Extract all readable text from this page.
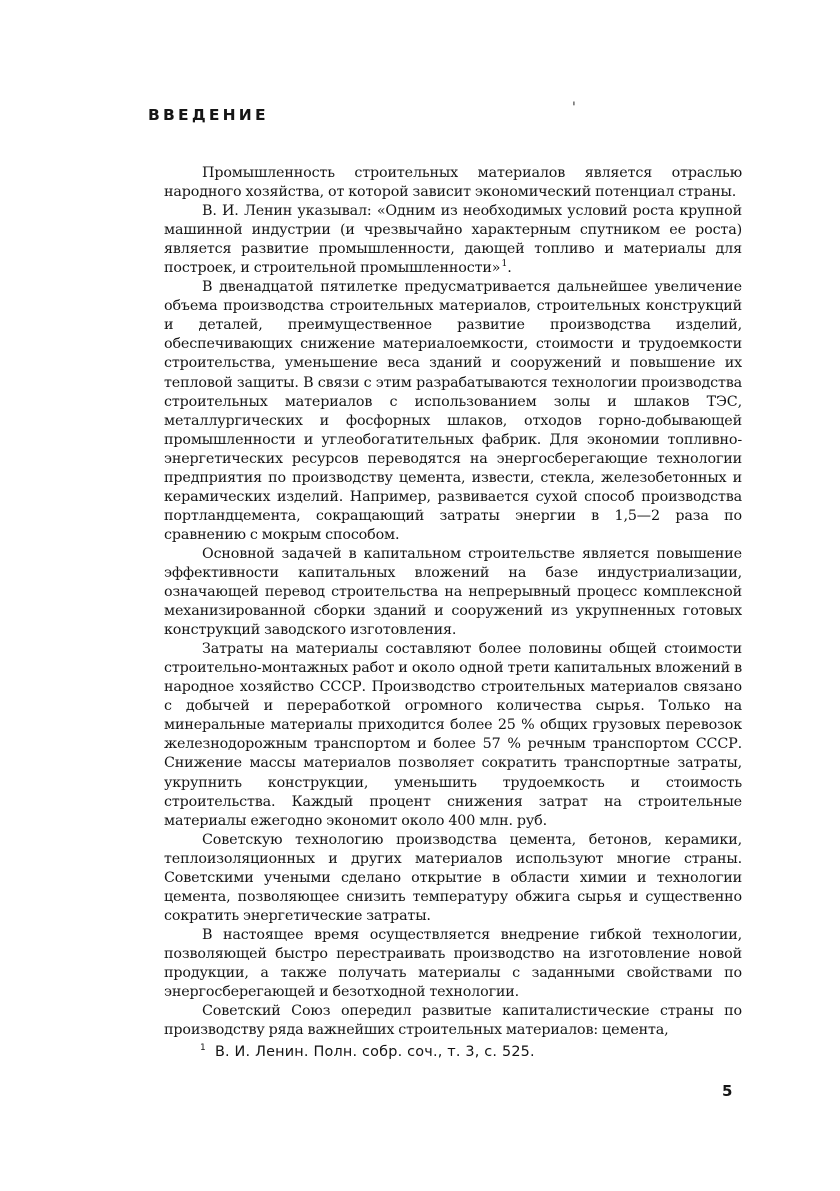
ВВЕДЕНИЕ	'

Промышленность строительных материалов является отраслью народного хозяйства, от которой зависит экономический потенциал страны.

В. И. Ленин указывал: «Одним из необходимых условий роста крупной машинной индустрии (и чрезвычайно характерным спутником ее роста) является развитие промышленности, дающей топливо и материалы для построек, и строительной промышленности»$^1$.

В двенадцатой пятилетке предусматривается дальнейшее увеличение объема производства строительных материалов, строительных конструкций и деталей, преимущественное развитие производства изделий, обеспечивающих снижение материалоемкости, стоимости и трудоемкости строительства, уменьшение веса зданий и сооружений и повышение их тепловой защиты. В связи с этим разрабатываются технологии производства строительных материалов с использованием золы и шлаков ТЭС, металлургических и фосфорных шлаков, отходов горно-добывающей промышленности и углеобогатительных фабрик. Для экономии топливно-энергетических ресурсов переводятся на энергосберегающие технологии предприятия по производству цемента, извести, стекла, железобетонных и керамических изделий. Например, развивается сухой способ производства портландцемента, сокращающий затраты энергии в 1,5—2 раза по сравнению с мокрым способом.

Основной задачей в капитальном строительстве является повышение эффективности капитальных вложений на базе индустриализации, означающей перевод строительства на непрерывный процесс комплексной механизированной сборки зданий и сооружений из укрупненных готовых конструкций заводского изготовления.

Затраты на материалы составляют более половины общей стоимости строительно-монтажных работ и около одной трети капитальных вложений в народное хозяйство СССР. Производство строительных материалов связано с добычей и переработкой огромного количества сырья. Только на минеральные материалы приходится более 25 % общих грузовых перевозок железнодорожным транспортом и более 57 % речным транспортом СССР. Снижение массы материалов позволяет сократить транспортные затраты, укрупнить конструкции, уменьшить трудоемкость и стоимость строительства. Каждый процент снижения затрат на строительные материалы ежегодно экономит около 400 млн. руб.

Советскую технологию производства цемента, бетонов, керамики, теплоизоляционных и других материалов используют многие страны. Советскими учеными сделано открытие в области химии и технологии цемента, позволяющее снизить температуру обжига сырья и существенно сократить энергетические затраты.

В настоящее время осуществляется внедрение гибкой технологии, позволяющей быстро перестраивать производство на изготовление новой продукции, а также получать материалы с заданными свойствами по энергосберегающей и безотходной технологии.

Советский Союз опередил развитые капиталистические страны по производству ряда важнейших строительных материалов: цемента,

$^1$ В. И. Ленин. Полн. собр. соч., т. 3, с. 525.

5
